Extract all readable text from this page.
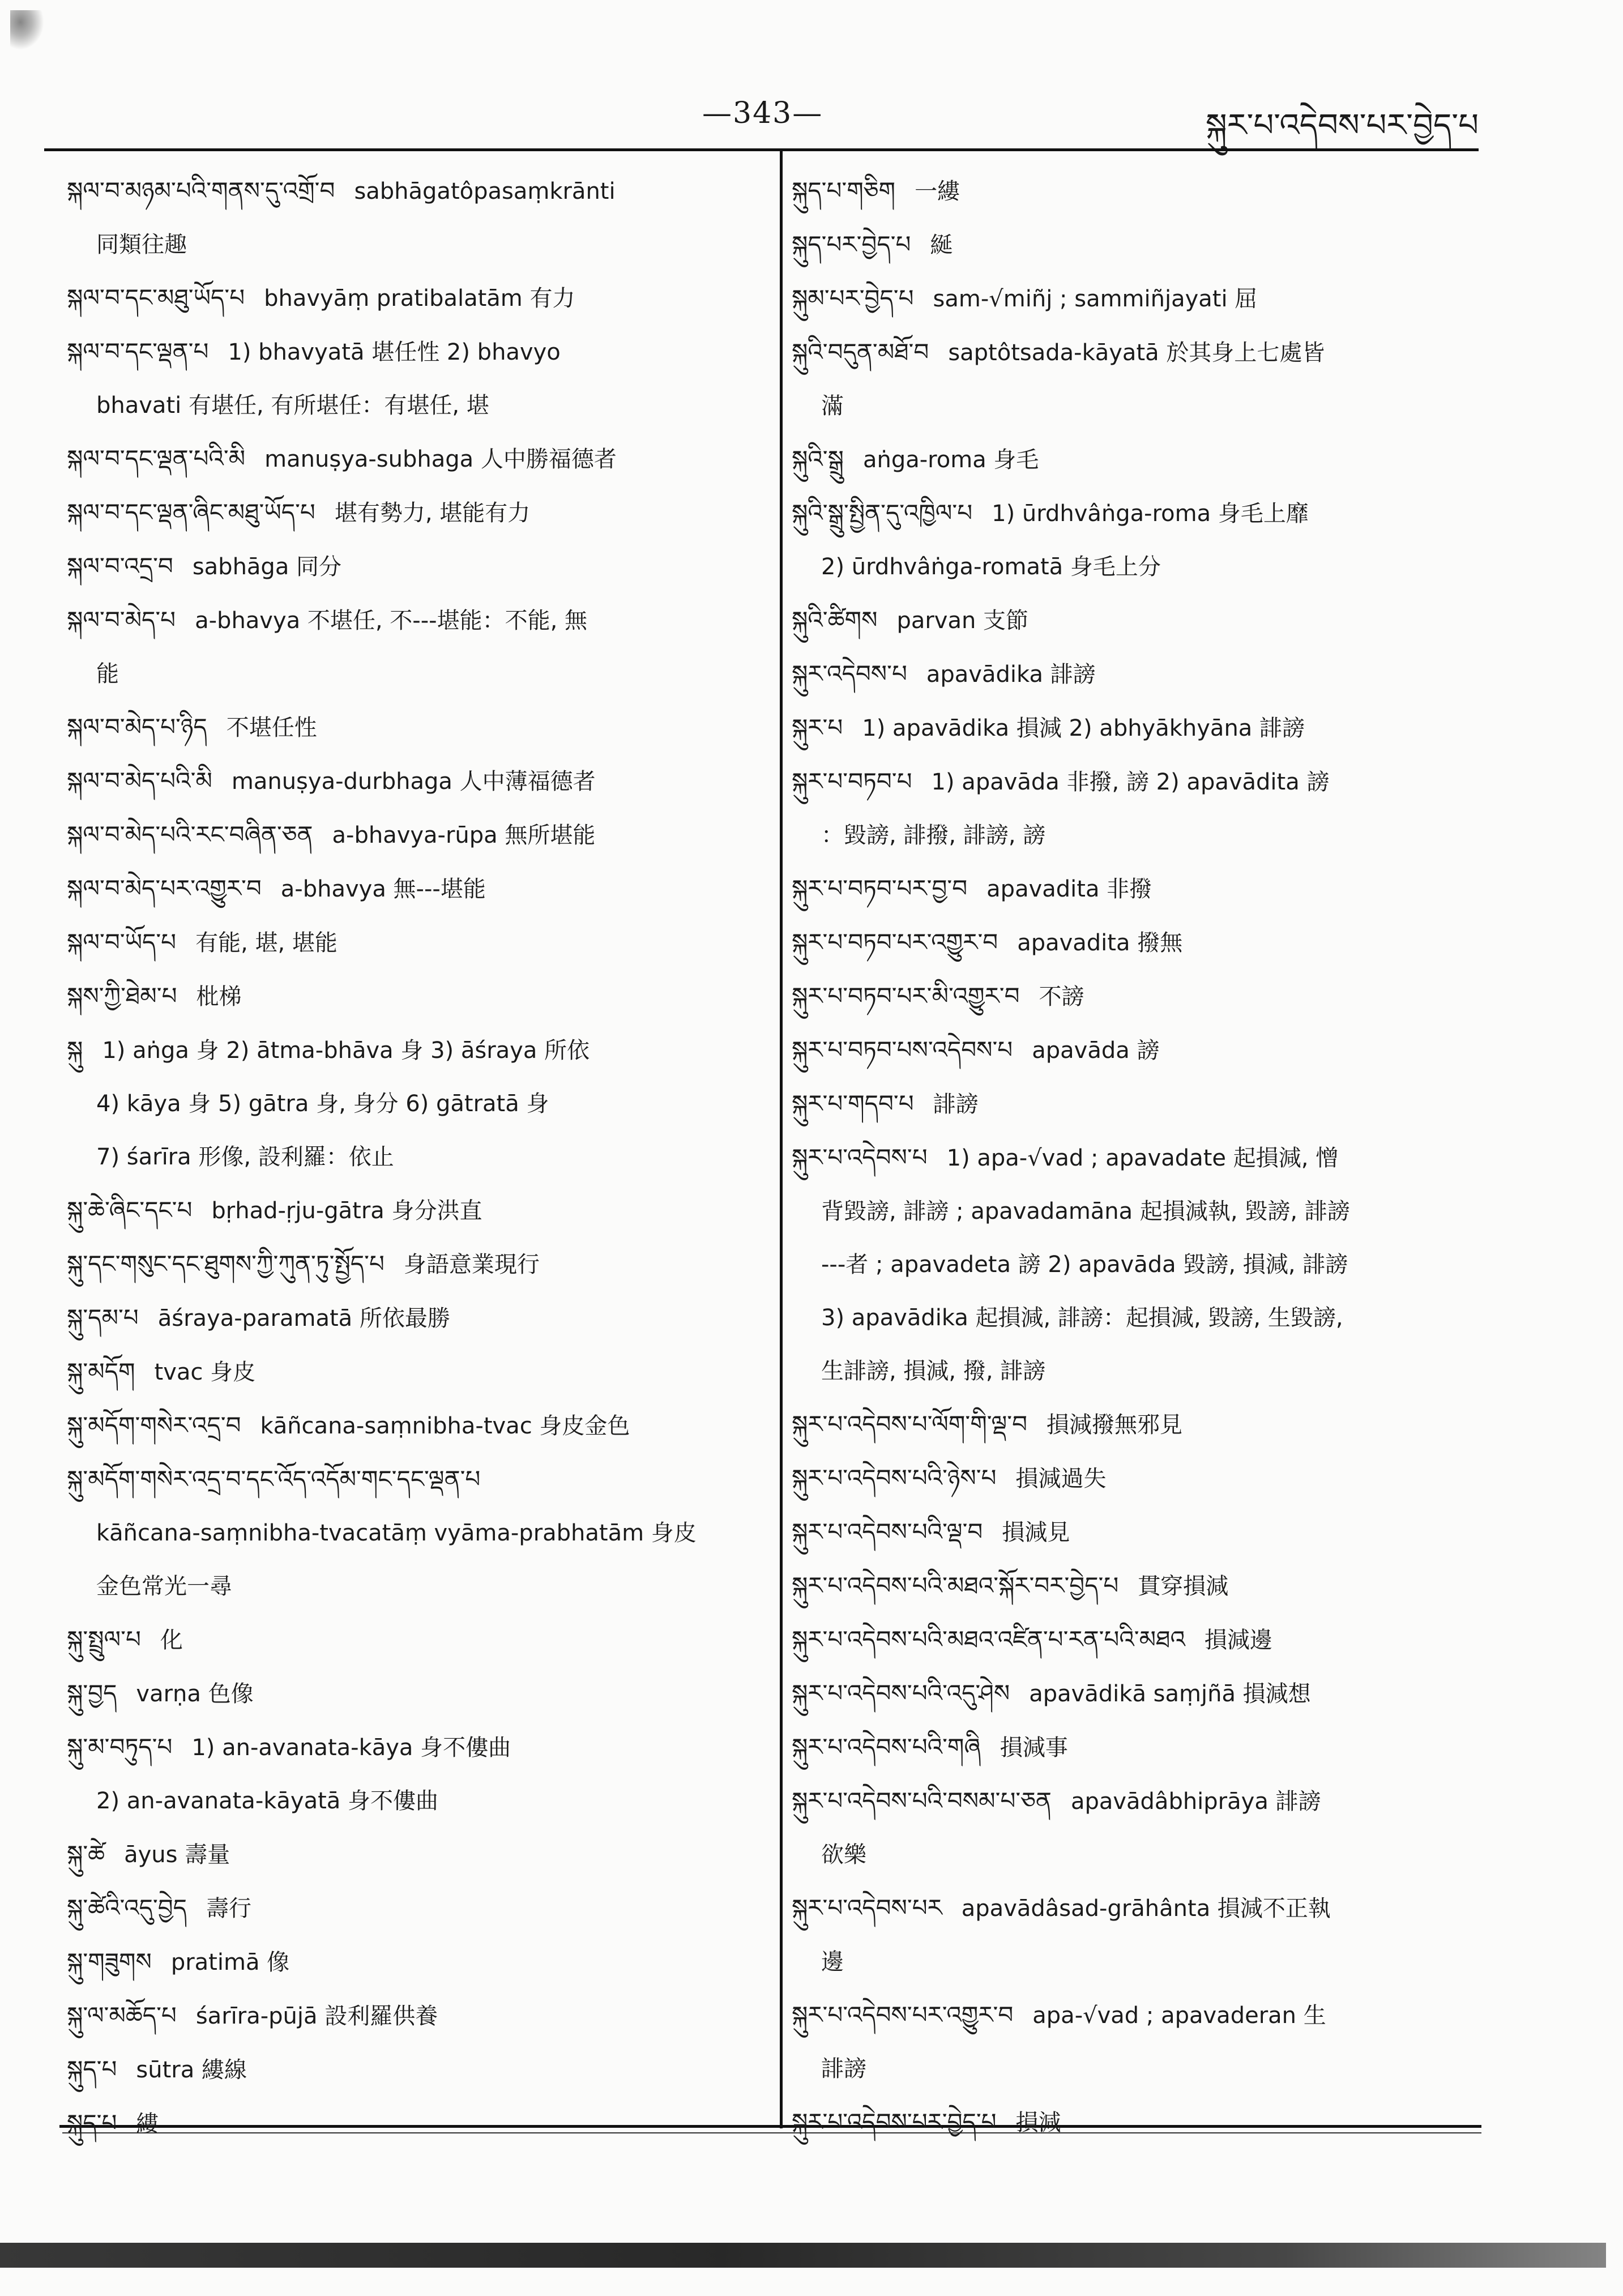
—343—	སྐུར་པ་འདེབས་པར་བྱེད་པ
སྐལ་བ་མཉམ་པའི་གནས་དུ་འགྲོ་བ sabhāgatôpasaṃkrānti
同類往趣
སྐལ་བ་དང་མཐུ་ཡོད་པ bhavyāṃ pratibalatām 有力
སྐལ་བ་དང་ལྡན་པ 1) bhavyatā 堪任性 2) bhavyo
bhavati 有堪任, 有所堪任：有堪任, 堪
སྐལ་བ་དང་ལྡན་པའི་མི manuṣya-subhaga 人中勝福德者
སྐལ་བ་དང་ལྡན་ཞིང་མཐུ་ཡོད་པ 堪有勢力, 堪能有力
སྐལ་བ་འདྲ་བ sabhāga 同分
སྐལ་བ་མེད་པ a-bhavya 不堪任, 不---堪能：不能, 無
能
སྐལ་བ་མེད་པ་ཉིད 不堪任性
སྐལ་བ་མེད་པའི་མི manuṣya-durbhaga 人中薄福德者
སྐལ་བ་མེད་པའི་རང་བཞིན་ཅན a-bhavya-rūpa 無所堪能
སྐལ་བ་མེད་པར་འགྱུར་བ a-bhavya 無---堪能
སྐལ་བ་ཡོད་པ 有能, 堪, 堪能
སྐས་ཀྱི་ཐེམ་པ 枇梯
སྐུ 1) aṅga 身 2) ātma-bhāva 身 3) āśraya 所依
4) kāya 身 5) gātra 身, 身分 6) gātratā 身
7) śarīra 形像, 設利羅：依止
སྐུ་ཆེ་ཞིང་དང་པ bṛhad-ṛju-gātra 身分洪直
སྐུ་དང་གསུང་དང་ཐུགས་ཀྱི་ཀུན་ཏུ་སྤྱོད་པ 身語意業現行
སྐུ་དམ་པ āśraya-paramatā 所依最勝
སྐུ་མདོག tvac 身皮
སྐུ་མདོག་གསེར་འདྲ་བ kāñcana-saṃnibha-tvac 身皮金色
སྐུ་མདོག་གསེར་འདྲ་བ་དང་འོད་འདོམ་གང་དང་ལྡན་པ
kāñcana-saṃnibha-tvacatāṃ vyāma-prabhatām 身皮
金色常光一尋
སྐུ་སྤྲུལ་པ 化
སྐུ་བྱད varṇa 色像
སྐུ་མ་བཏུད་པ 1) an-avanata-kāya 身不僂曲
2) an-avanata-kāyatā 身不僂曲
སྐུ་ཚེ āyus 壽量
སྐུ་ཚེའི་འདུ་བྱེད 壽行
སྐུ་གཟུགས pratimā 像
སྐུ་ལ་མཆོད་པ śarīra-pūjā 設利羅供養
སྐུད་པ sūtra 縷線
སྐུད་པ 縷
སྐུད་པ་གཅིག 一縷
སྐུད་པར་བྱེད་པ 綖
སྐུམ་པར་བྱེད་པ sam-√miñj ; sammiñjayati 屈
སྐུའི་བདུན་མཐོ་བ saptôtsada-kāyatā 於其身上七處皆
滿
སྐུའི་སྒྲུ aṅga-roma 身毛
སྐུའི་སྒྲུ་སྤྱིན་དུ་འཁྱིལ་པ 1) ūrdhvâṅga-roma 身毛上靡
2) ūrdhvâṅga-romatā 身毛上分
སྐུའི་ཚིགས parvan 支節
སྐུར་འདེབས་པ apavādika 誹謗
སྐུར་པ 1) apavādika 損減 2) abhyākhyāna 誹謗
སྐུར་པ་བཏབ་པ 1) apavāda 非撥, 謗 2) apavādita 謗
：毀謗, 誹撥, 誹謗, 謗
སྐུར་པ་བཏབ་པར་བྱ་བ apavadita 非撥
སྐུར་པ་བཏབ་པར་འགྱུར་བ apavadita 撥無
སྐུར་པ་བཏབ་པར་མི་འགྱུར་བ 不謗
སྐུར་པ་བཏབ་པས་འདེབས་པ apavāda 謗
སྐུར་པ་གདབ་པ 誹謗
སྐུར་པ་འདེབས་པ 1) apa-√vad ; apavadate 起損減, 憎
背毀謗, 誹謗 ; apavadamāna 起損減執, 毀謗, 誹謗
---者 ; apavadeta 謗 2) apavāda 毀謗, 損減, 誹謗
3) apavādika 起損減, 誹謗：起損減, 毀謗, 生毀謗,
生誹謗, 損減, 撥, 誹謗
སྐུར་པ་འདེབས་པ་ལོག་གི་ལྡ་བ 損減撥無邪見
སྐུར་པ་འདེབས་པའི་ཉེས་པ 損減過失
སྐུར་པ་འདེབས་པའི་ལྡ་བ 損減見
སྐུར་པ་འདེབས་པའི་མཐའ་སྐོར་བར་བྱེད་པ 貫穿損減
སྐུར་པ་འདེབས་པའི་མཐའ་འཛིན་པ་རན་པའི་མཐའ 損減邊
སྐུར་པ་འདེབས་པའི་འདུ་ཤེས apavādikā saṃjñā 損減想
སྐུར་པ་འདེབས་པའི་གཞི 損減事
སྐུར་པ་འདེབས་པའི་བསམ་པ་ཅན apavādâbhiprāya 誹謗
欲樂
སྐུར་པ་འདེབས་པར apavādâsad-grāhânta 損減不正執
邊
སྐུར་པ་འདེབས་པར་འགྱུར་བ apa-√vad ; apavaderan 生
誹謗
སྐུར་པ་འདེབས་པར་བྱེད་པ 損減
